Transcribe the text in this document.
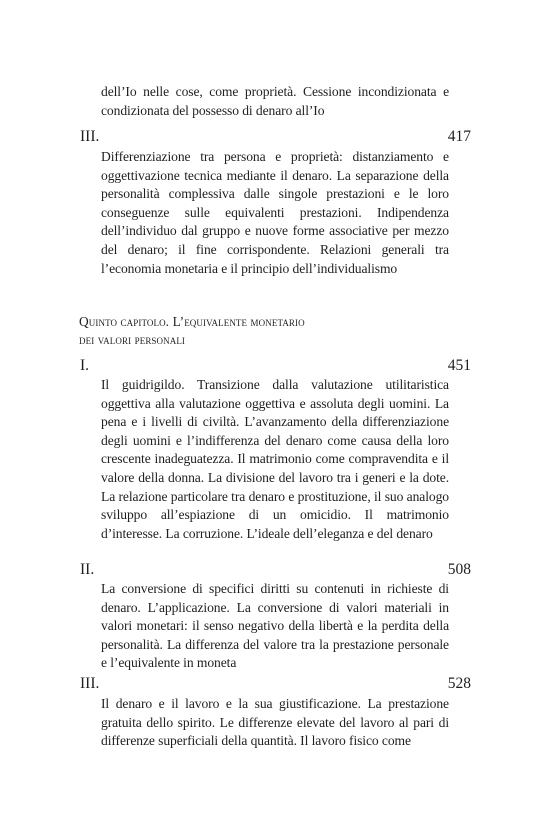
dell’Io nelle cose, come proprietà. Cessione incondizionata e condizionata del possesso di denaro all’Io
III.	417
Differenziazione tra persona e proprietà: distanziamento e oggettivazione tecnica mediante il denaro. La separazione della personalità complessiva dalle singole prestazioni e le loro conseguenze sulle equivalenti prestazioni. Indipendenza dell’individuo dal gruppo e nuove forme associative per mezzo del denaro; il fine corrispondente. Relazioni generali tra l’economia monetaria e il principio dell’individualismo
Quinto capitolo. L’equivalente monetario
dei valori personali
I.	451
Il guidrigildo. Transizione dalla valutazione utilitaristica oggettiva alla valutazione oggettiva e assoluta degli uomini. La pena e i livelli di civiltà. L’avanzamento della differenziazione degli uomini e l’indifferenza del denaro come causa della loro crescente inadeguatezza. Il matrimonio come compravendita e il valore della donna. La divisione del lavoro tra i generi e la dote. La relazione particolare tra denaro e prostituzione, il suo analogo sviluppo all’espiazione di un omicidio. Il matrimonio d’interesse. La corruzione. L’ideale dell’eleganza e del denaro
II.	508
La conversione di specifici diritti su contenuti in richieste di denaro. L’applicazione. La conversione di valori materiali in valori monetari: il senso negativo della libertà e la perdita della personalità. La differenza del valore tra la prestazione personale e l’equivalente in moneta
III.	528
Il denaro e il lavoro e la sua giustificazione. La prestazione gratuita dello spirito. Le differenze elevate del lavoro al pari di differenze superficiali della quantità. Il lavoro fisico come
